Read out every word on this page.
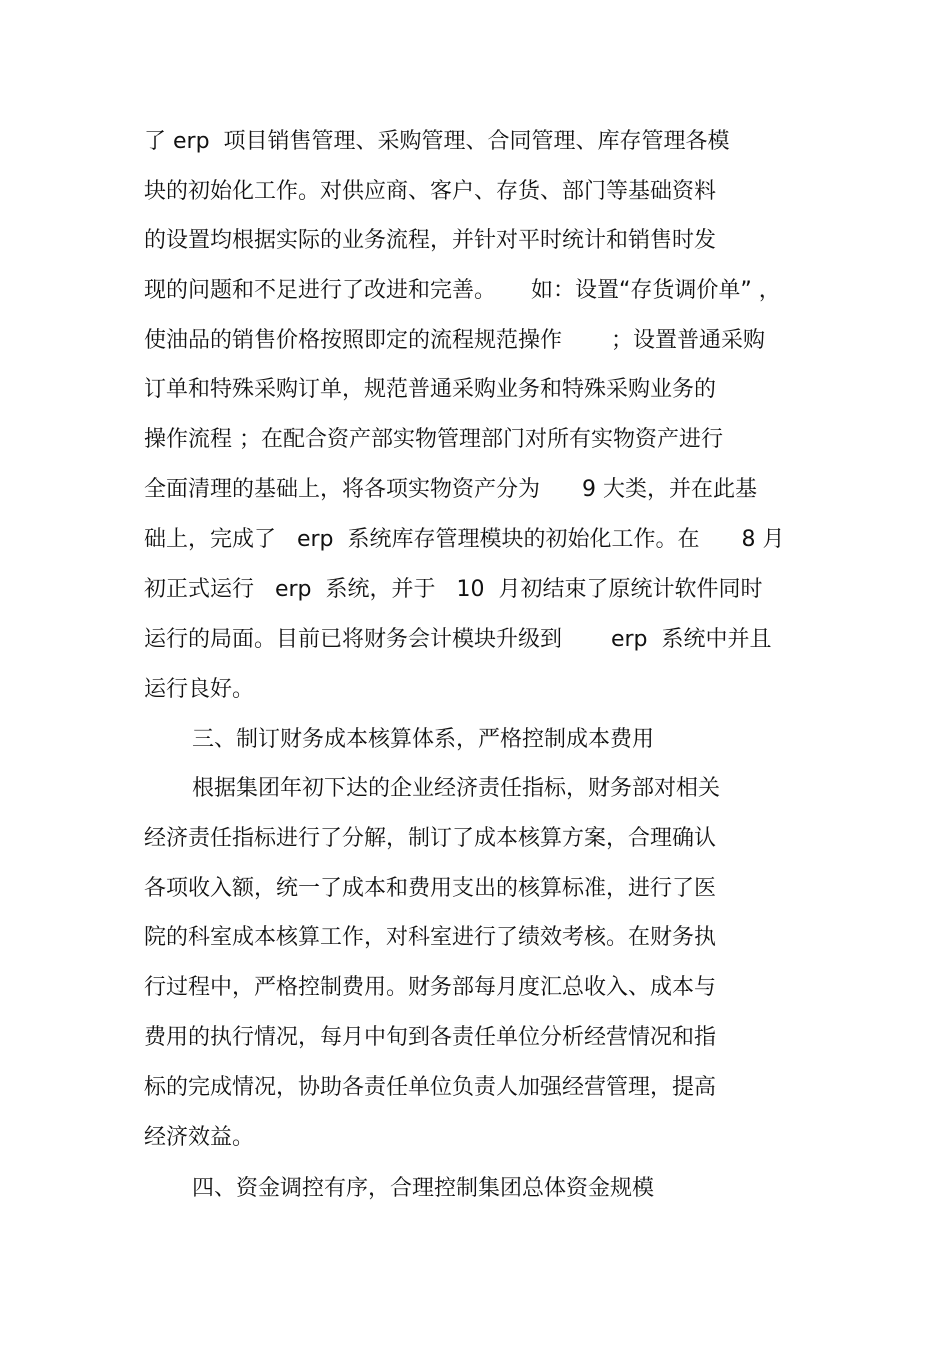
了 erp  项目销售管理、采购管理、合同管理、库存管理各模
块的初始化工作。对供应商、客户、存货、部门等基础资料
的设置均根据实际的业务流程，并针对平时统计和销售时发
现的问题和不足进行了改进和完善。     如：设置“存货调价单” ，
使油品的销售价格按照即定的流程规范操作       ；设置普通采购
订单和特殊采购订单，规范普通采购业务和特殊采购业务的
操作流程 ；在配合资产部实物管理部门对所有实物资产进行
全面清理的基础上，将各项实物资产分为      9 大类，并在此基
础上，完成了   erp  系统库存管理模块的初始化工作。在      8 月
初正式运行   erp  系统，并于   10  月初结束了原统计软件同时
运行的局面。目前已将财务会计模块升级到       erp  系统中并且
运行良好。
三、制订财务成本核算体系，严格控制成本费用
根据集团年初下达的企业经济责任指标，财务部对相关
经济责任指标进行了分解，制订了成本核算方案，合理确认
各项收入额，统一了成本和费用支出的核算标准，进行了医
院的科室成本核算工作，对科室进行了绩效考核。在财务执
行过程中，严格控制费用。财务部每月度汇总收入、成本与
费用的执行情况，每月中旬到各责任单位分析经营情况和指
标的完成情况，协助各责任单位负责人加强经营管理，提高
经济效益。
四、资金调控有序，合理控制集团总体资金规模
